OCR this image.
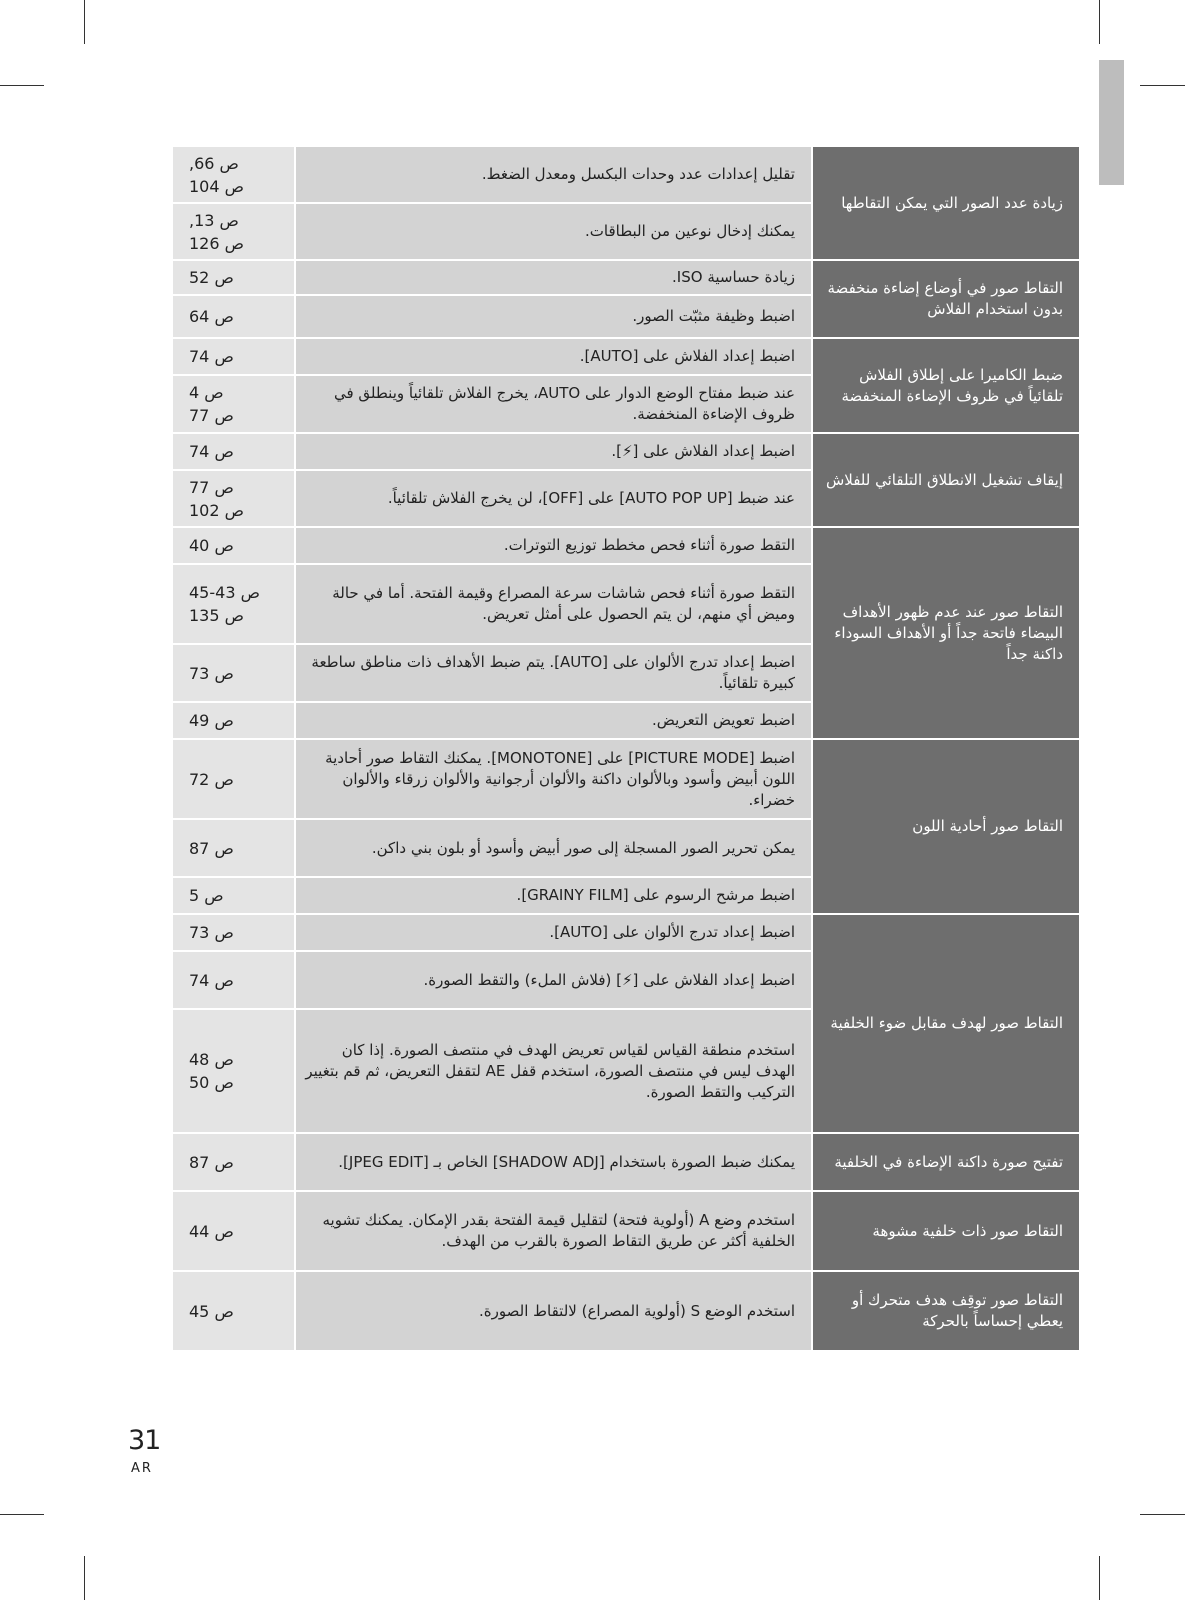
ص 66,
ص 104	تقليل إعدادات عدد وحدات البكسل ومعدل الضغط.	زيادة عدد الصور التي يمكن التقاطها

ص 13,
ص 126	يمكنك إدخال نوعين من البطاقات.	

ص 52	زيادة حساسية ISO.	التقاط صور في أوضاع إضاءة منخفضة بدون استخدام الفلاش

ص 64	اضبط وظيفة مثبّت الصور.	

ص 74	اضبط إعداد الفلاش على [AUTO].	ضبط الكاميرا على إطلاق الفلاش تلقائياً في ظروف الإضاءة المنخفضة

ص 4
ص 77	عند ضبط مفتاح الوضع الدوار على AUTO، يخرج الفلاش تلقائياً وينطلق في ظروف الإضاءة المنخفضة.	

ص 74	اضبط إعداد الفلاش على [⚡].	إيقاف تشغيل الانطلاق التلقائي للفلاش

ص 77
ص 102	عند ضبط [AUTO POP UP] على [OFF]، لن يخرج الفلاش تلقائياً.	

ص 40	التقط صورة أثناء فحص مخطط توزيع التوترات.	التقاط صور عند عدم ظهور الأهداف البيضاء فاتحة جداً أو الأهداف السوداء داكنة جداً

ص 43-45
ص 135	التقط صورة أثناء فحص شاشات سرعة المصراع وقيمة الفتحة. أما في حالة وميض أي منهم، لن يتم الحصول على أمثل تعريض.	

ص 73	اضبط إعداد تدرج الألوان على [AUTO]. يتم ضبط الأهداف ذات مناطق ساطعة كبيرة تلقائياً.	

ص 49	اضبط تعويض التعريض.	

ص 72	اضبط [PICTURE MODE] على [MONOTONE]. يمكنك التقاط صور أحادية اللون أبيض وأسود وبالألوان داكنة والألوان أرجوانية والألوان زرقاء والألوان خضراء.	التقاط صور أحادية اللون

ص 87	يمكن تحرير الصور المسجلة إلى صور أبيض وأسود أو بلون بني داكن.	

ص 5	اضبط مرشح الرسوم على [GRAINY FILM].	

ص 73	اضبط إعداد تدرج الألوان على [AUTO].	التقاط صور لهدف مقابل ضوء الخلفية

ص 74	اضبط إعداد الفلاش على [⚡] (فلاش الملء) والتقط الصورة.	

ص 48
ص 50	استخدم منطقة القياس لقياس تعريض الهدف في منتصف الصورة. إذا كان الهدف ليس في منتصف الصورة، استخدم قفل AE لتقفل التعريض، ثم قم بتغيير التركيب والتقط الصورة.	

ص 87	يمكنك ضبط الصورة باستخدام [SHADOW ADJ] الخاص بـ [JPEG EDIT].	تفتيح صورة داكنة الإضاءة في الخلفية

ص 44	استخدم وضع A (أولوية فتحة) لتقليل قيمة الفتحة بقدر الإمكان. يمكنك تشويه الخلفية أكثر عن طريق التقاط الصورة بالقرب من الهدف.	التقاط صور ذات خلفية مشوهة

ص 45	استخدم الوضع S (أولوية المصراع) لالتقاط الصورة.	التقاط صور توقِف هدف متحرك أو يعطي إحساساً بالحركة
31
AR
